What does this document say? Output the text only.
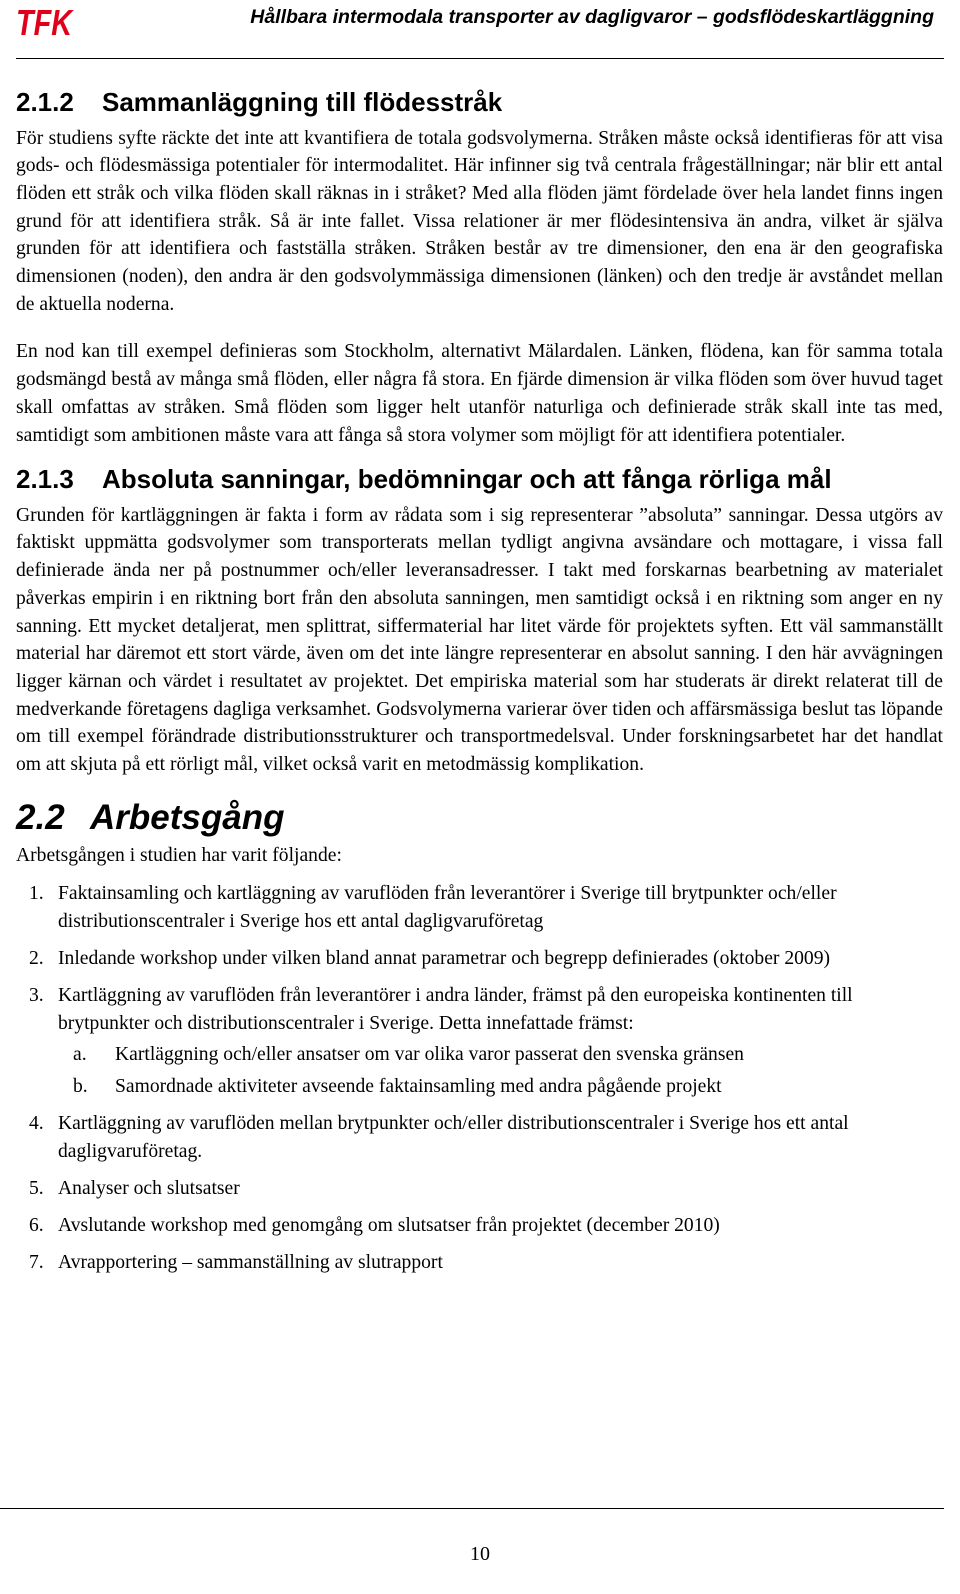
TFK	Hållbara intermodala transporter av dagligvaror – godsflödeskartläggning
2.1.2 Sammanläggning till flödesstråk

För studiens syfte räckte det inte att kvantifiera de totala godsvolymerna. Stråken måste också identifieras för att visa gods- och flödesmässiga potentialer för intermodalitet. Här infinner sig två centrala frågeställningar; när blir ett antal flöden ett stråk och vilka flöden skall räknas in i stråket? Med alla flöden jämt fördelade över hela landet finns ingen grund för att identifiera stråk. Så är inte fallet. Vissa relationer är mer flödesintensiva än andra, vilket är själva grunden för att identifiera och fastställa stråken. Stråken består av tre dimensioner, den ena är den geografiska dimensionen (noden), den andra är den godsvolymmässiga dimensionen (länken) och den tredje är avståndet mellan de aktuella noderna.

En nod kan till exempel definieras som Stockholm, alternativt Mälardalen. Länken, flödena, kan för samma totala godsmängd bestå av många små flöden, eller några få stora. En fjärde dimension är vilka flöden som över huvud taget skall omfattas av stråken. Små flöden som ligger helt utanför naturliga och definierade stråk skall inte tas med, samtidigt som ambitionen måste vara att fånga så stora volymer som möjligt för att identifiera potentialer.

2.1.3 Absoluta sanningar, bedömningar och att fånga rörliga mål

Grunden för kartläggningen är fakta i form av rådata som i sig representerar ”absoluta” sanningar. Dessa utgörs av faktiskt uppmätta godsvolymer som transporterats mellan tydligt angivna avsändare och mottagare, i vissa fall definierade ända ner på postnummer och/eller leveransadresser. I takt med forskarnas bearbetning av materialet påverkas empirin i en riktning bort från den absoluta sanningen, men samtidigt också i en riktning som anger en ny sanning. Ett mycket detaljerat, men splittrat, siffermaterial har litet värde för projektets syften. Ett väl sammanställt material har däremot ett stort värde, även om det inte längre representerar en absolut sanning. I den här avvägningen ligger kärnan och värdet i resultatet av projektet. Det empiriska material som har studerats är direkt relaterat till de medverkande företagens dagliga verksamhet. Godsvolymerna varierar över tiden och affärsmässiga beslut tas löpande om till exempel förändrade distributionsstrukturer och transportmedelsval. Under forskningsarbetet har det handlat om att skjuta på ett rörligt mål, vilket också varit en metodmässig komplikation.

2.2 Arbetsgång

Arbetsgången i studien har varit följande:

1. Faktainsamling och kartläggning av varuflöden från leverantörer i Sverige till brytpunkter och/eller distributionscentraler i Sverige hos ett antal dagligvaruföretag
2. Inledande workshop under vilken bland annat parametrar och begrepp definierades (oktober 2009)
3. Kartläggning av varuflöden från leverantörer i andra länder, främst på den europeiska kontinenten till brytpunkter och distributionscentraler i Sverige. Detta innefattade främst:
a. Kartläggning och/eller ansatser om var olika varor passerat den svenska gränsen
b. Samordnade aktiviteter avseende faktainsamling med andra pågående projekt
4. Kartläggning av varuflöden mellan brytpunkter och/eller distributionscentraler i Sverige hos ett antal dagligvaruföretag.
5. Analyser och slutsatser
6. Avslutande workshop med genomgång om slutsatser från projektet (december 2010)
7. Avrapportering – sammanställning av slutrapport
10
